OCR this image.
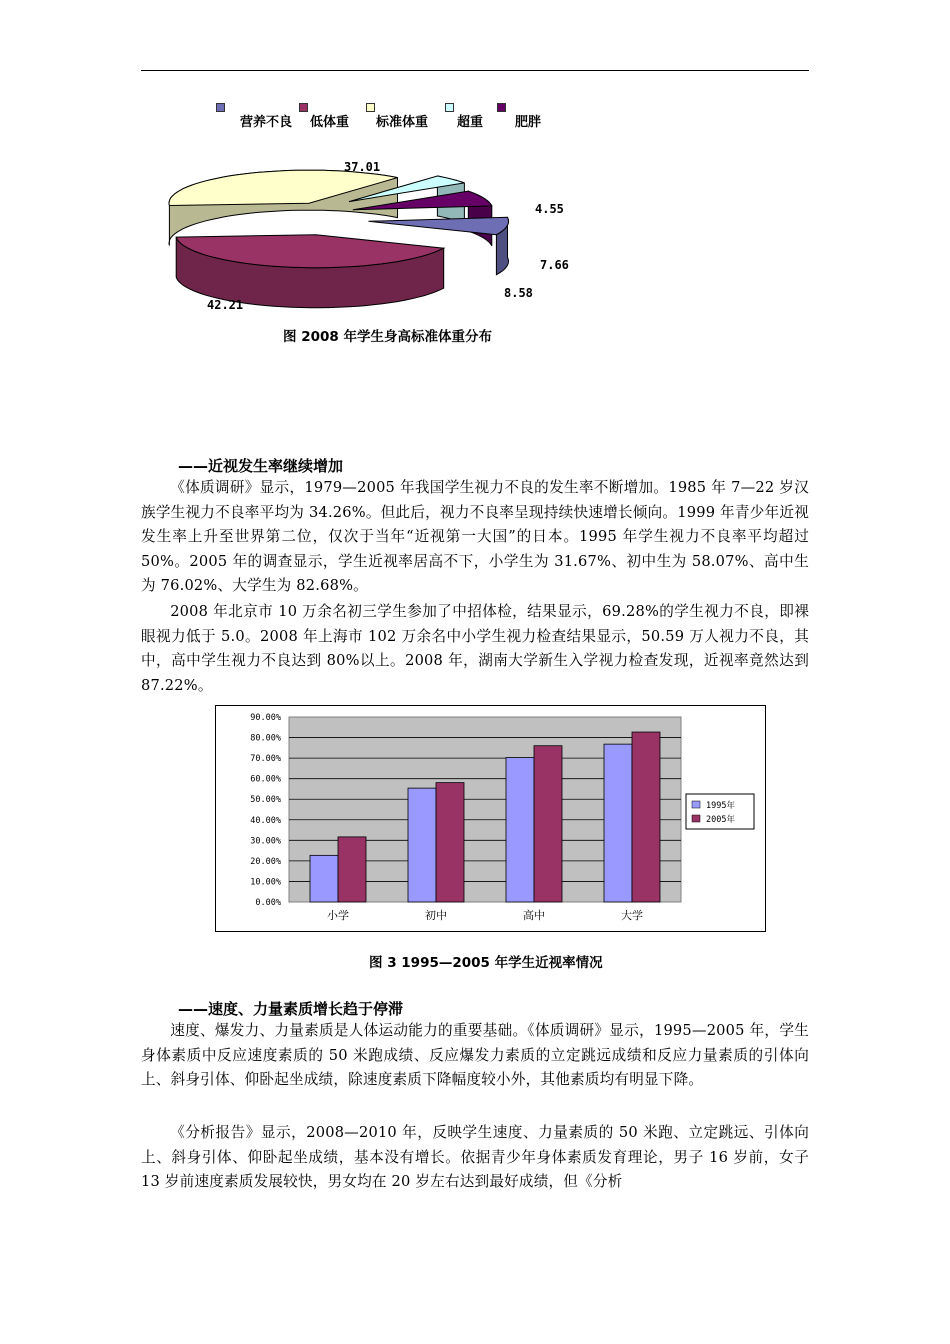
营养不良 低体重 标准体重 超重 肥胖
37.01
4.55
7.66
8.58
42.21
图 2008 年学生身高标准体重分布
——近视发生率继续增加

《体质调研》显示，1979—2005 年我国学生视力不良的发生率不断增加。1985 年 7—22 岁汉族学生视力不良率平均为 34.26%。但此后，视力不良率呈现持续快速增长倾向。1999 年青少年近视发生率上升至世界第二位，仅次于当年“近视第一大国”的日本。1995 年学生视力不良率平均超过 50%。2005 年的调查显示，学生近视率居高不下，小学生为 31.67%、初中生为 58.07%、高中生为 76.02%、大学生为 82.68%。

2008 年北京市 10 万余名初三学生参加了中招体检，结果显示，69.28%的学生视力不良，即裸眼视力低于 5.0。2008 年上海市 102 万余名中小学生视力检查结果显示，50.59 万人视力不良，其中，高中学生视力不良达到 80%以上。2008 年，湖南大学新生入学视力检查发现，近视率竟然达到 87.22%。

0.00%
10.00%
20.00%
30.00%
40.00%
50.00%
60.00%
70.00%
80.00%
90.00%
小学	初中	高中	大学
1995年
2005年
图 3 1995—2005 年学生近视率情况
——速度、力量素质增长趋于停滞

速度、爆发力、力量素质是人体运动能力的重要基础。《体质调研》显示，1995—2005 年，学生身体素质中反应速度素质的 50 米跑成绩、反应爆发力素质的立定跳远成绩和反应力量素质的引体向上、斜身引体、仰卧起坐成绩，除速度素质下降幅度较小外，其他素质均有明显下降。

《分析报告》显示，2008—2010 年，反映学生速度、力量素质的 50 米跑、立定跳远、引体向上、斜身引体、仰卧起坐成绩，基本没有增长。依据青少年身体素质发育理论，男子 16 岁前，女子 13 岁前速度素质发展较快，男女均在 20 岁左右达到最好成绩，但《分析
